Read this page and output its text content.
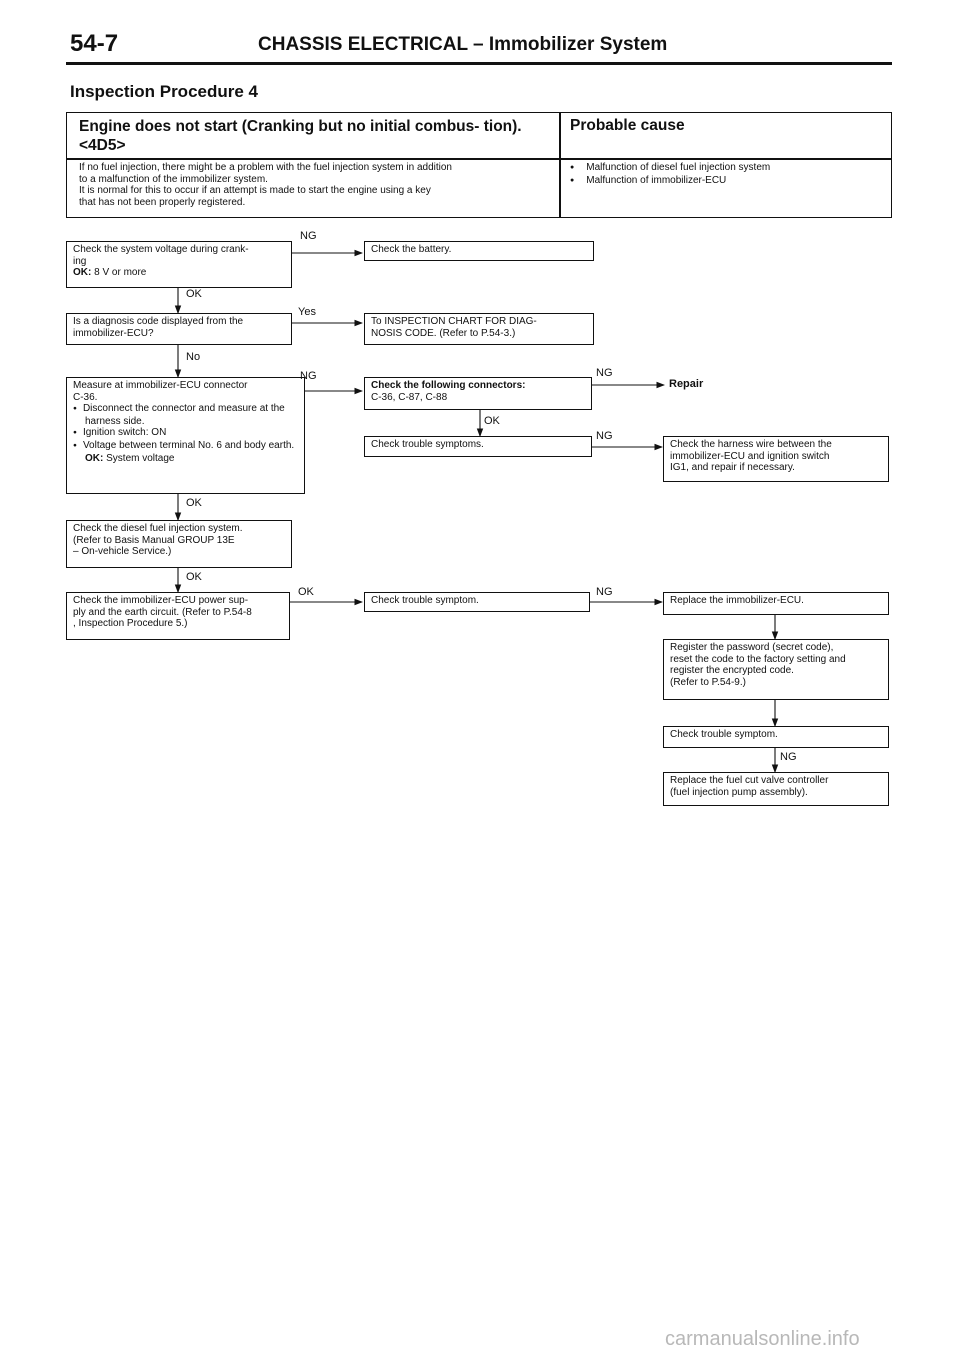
54-7	CHASSIS ELECTRICAL – Immobilizer System
Inspection Procedure 4
Engine does not start (Cranking but no initial combus- tion). <4D5>
Probable cause
If no fuel injection, there might be a problem with the fuel injection system in addition
to a malfunction of the immobilizer system.
It is normal for this to occur if an attempt is made to start the engine using a key
that has not been properly registered.
● Malfunction of diesel fuel injection system
● Malfunction of immobilizer-ECU
Check the system voltage during crank-
ing
OK: 8 V or more
Check the battery.
Is a diagnosis code displayed from the
immobilizer-ECU?
To INSPECTION CHART FOR DIAG-
NOSIS CODE. (Refer to P.54-3.)
Measure at immobilizer-ECU connector
C-36.
● Disconnect the connector and measure at the harness side.
● Ignition switch: ON
● Voltage between terminal No. 6 and body earth.
OK: System voltage
Check the following connectors:
C-36, C-87, C-88
Repair
Check trouble symptoms.	Check the harness wire between the
immobilizer-ECU and ignition switch
IG1, and repair if necessary.
Check the diesel fuel injection system.
(Refer to Basis Manual GROUP 13E
– On-vehicle Service.)
Check the immobilizer-ECU power sup-
ply and the earth circuit. (Refer to P.54-8
, Inspection Procedure 5.)
Check trouble symptom.	Replace the immobilizer-ECU.
Register the password (secret code),
reset the code to the factory setting and
register the encrypted code.
(Refer to P.54-9.)
Check trouble symptom.
Replace the fuel cut valve controller
(fuel injection pump assembly).
NG
OK
Yes
No
NG	NG
OK
NG
OK
OK
OK	NG
NG
carmanualsonline.info
